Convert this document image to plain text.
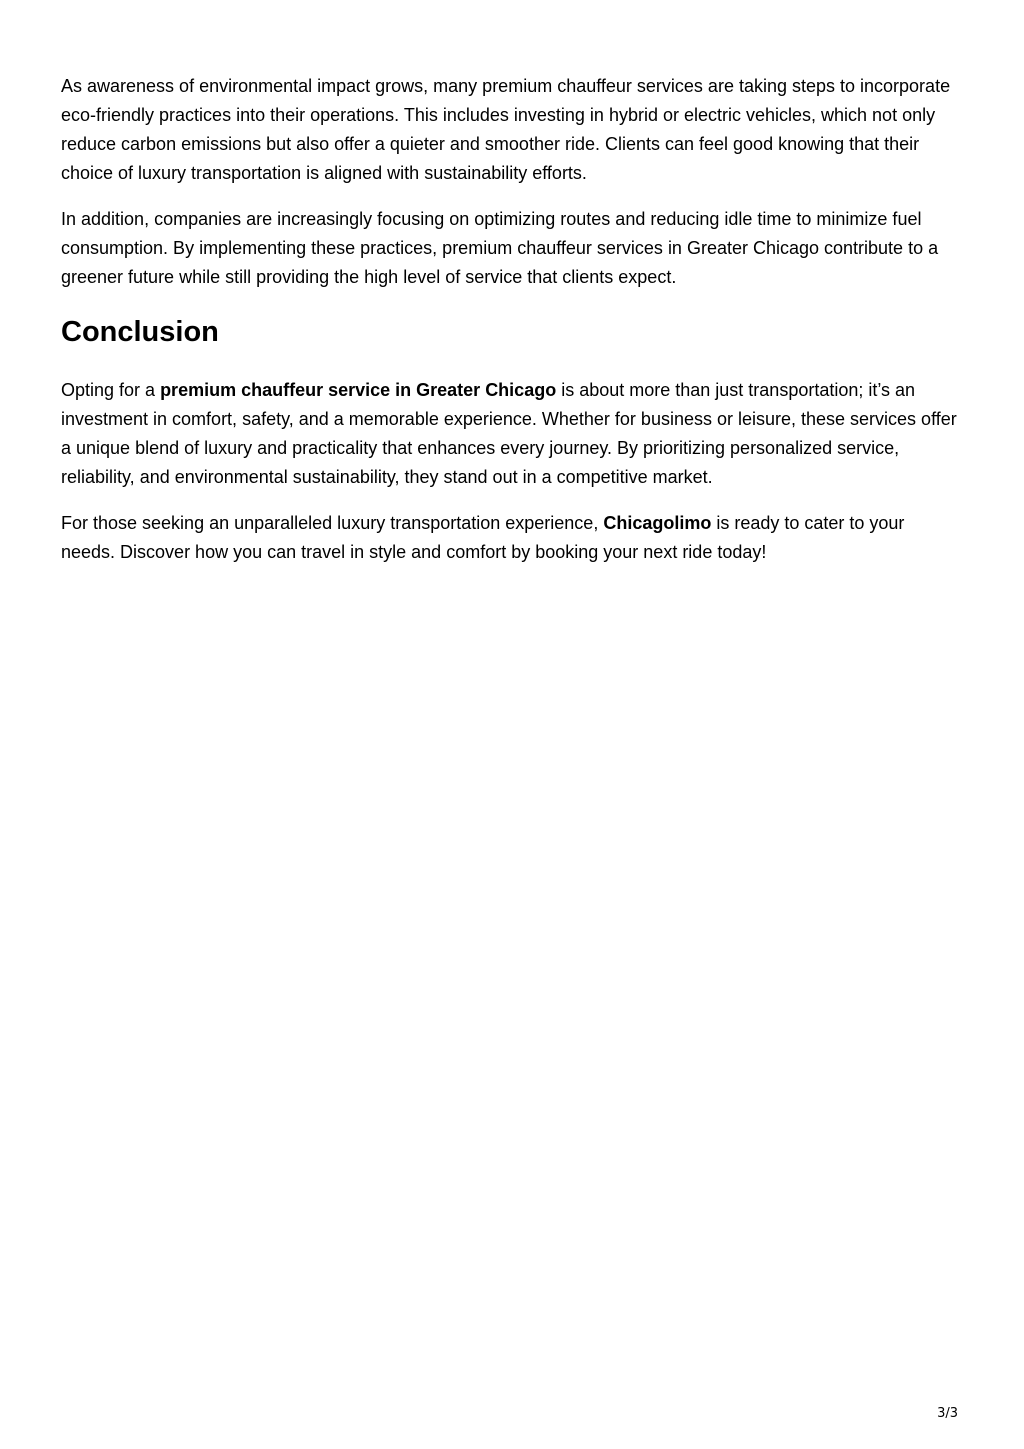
As awareness of environmental impact grows, many premium chauffeur services are taking steps to incorporate eco-friendly practices into their operations. This includes investing in hybrid or electric vehicles, which not only reduce carbon emissions but also offer a quieter and smoother ride. Clients can feel good knowing that their choice of luxury transportation is aligned with sustainability efforts.

In addition, companies are increasingly focusing on optimizing routes and reducing idle time to minimize fuel consumption. By implementing these practices, premium chauffeur services in Greater Chicago contribute to a greener future while still providing the high level of service that clients expect.

Conclusion

Opting for a premium chauffeur service in Greater Chicago is about more than just transportation; it’s an investment in comfort, safety, and a memorable experience. Whether for business or leisure, these services offer a unique blend of luxury and practicality that enhances every journey. By prioritizing personalized service, reliability, and environmental sustainability, they stand out in a competitive market.

For those seeking an unparalleled luxury transportation experience, Chicagolimo is ready to cater to your needs. Discover how you can travel in style and comfort by booking your next ride today!

3/3
